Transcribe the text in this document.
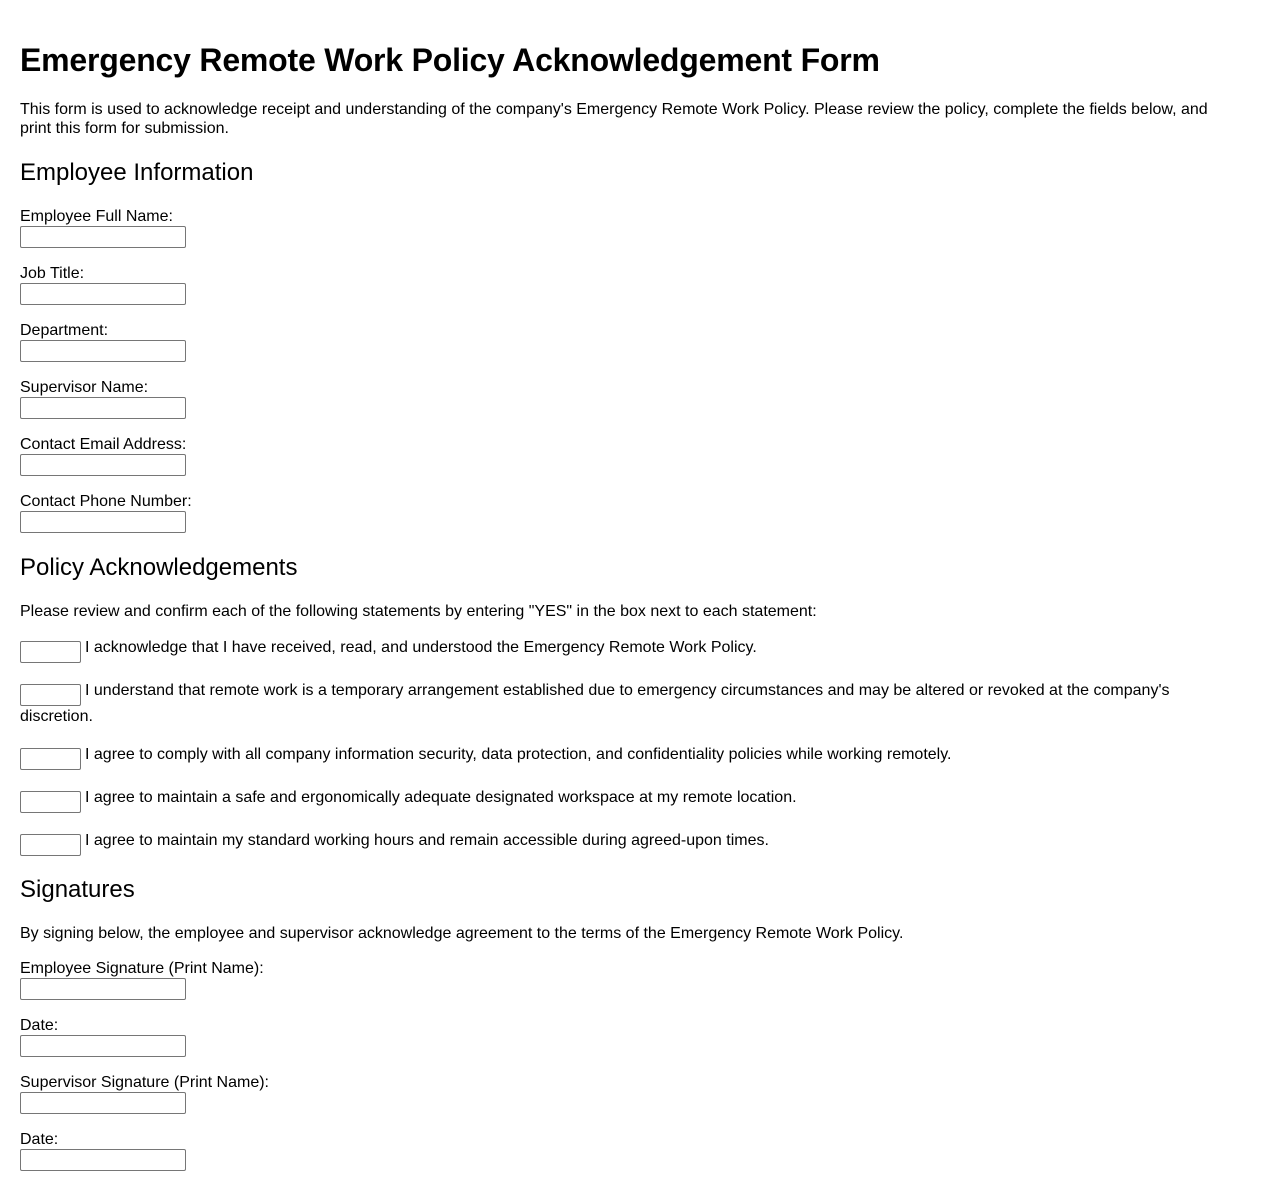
Emergency Remote Work Policy Acknowledgement Form

This form is used to acknowledge receipt and understanding of the company's Emergency Remote Work Policy. Please review the policy, complete the fields below, and print this form for submission.

Employee Information
Employee Full Name:
Job Title:
Department:
Supervisor Name:
Contact Email Address:
Contact Phone Number:
Policy Acknowledgements

Please review and confirm each of the following statements by entering "YES" in the box next to each statement:

I acknowledge that I have received, read, and understood the Emergency Remote Work Policy.

I understand that remote work is a temporary arrangement established due to emergency circumstances and may be altered or revoked at the company's discretion.

I agree to comply with all company information security, data protection, and confidentiality policies while working remotely.

I agree to maintain a safe and ergonomically adequate designated workspace at my remote location.

I agree to maintain my standard working hours and remain accessible during agreed-upon times.

Signatures

By signing below, the employee and supervisor acknowledge agreement to the terms of the Emergency Remote Work Policy.

Employee Signature (Print Name):
Date:
Supervisor Signature (Print Name):
Date:
